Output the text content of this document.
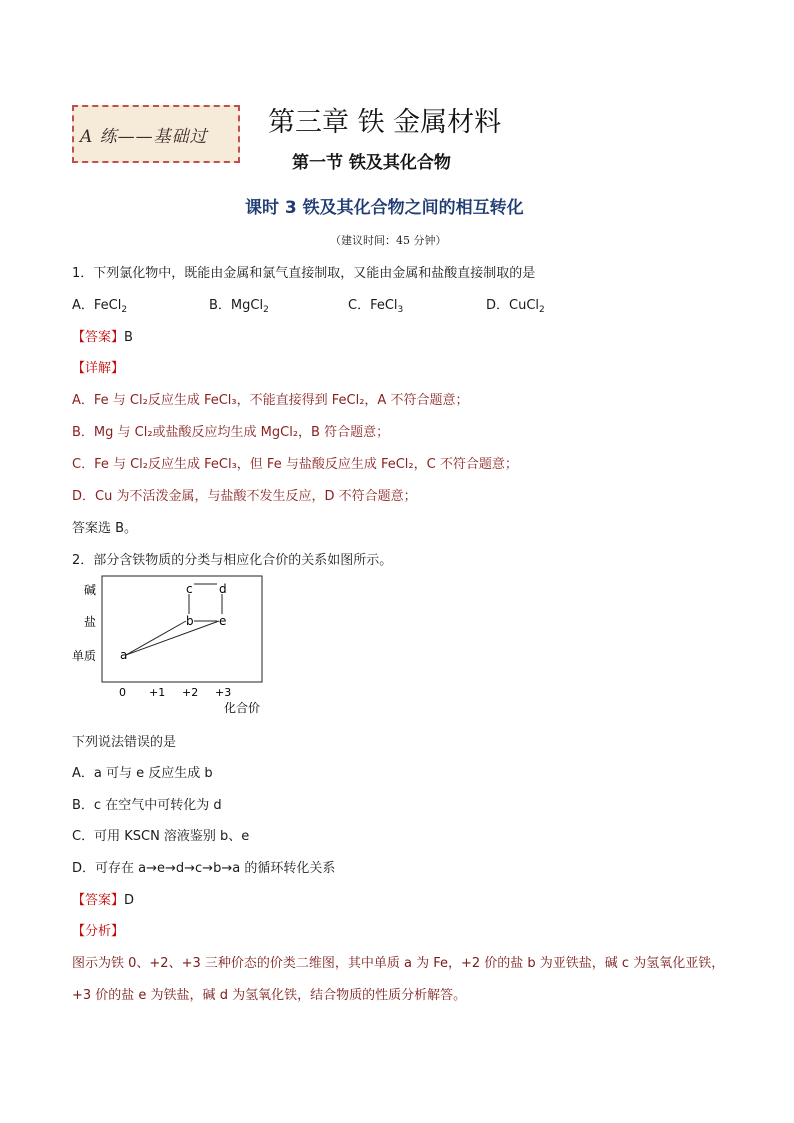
A 练——基础过 第三章 铁 金属材料
第一节 铁及其化合物
课时 3 铁及其化合物之间的相互转化
（建议时间：45 分钟）
1．下列氯化物中，既能由金属和氯气直接制取，又能由金属和盐酸直接制取的是
A．FeCl$_2$	B．MgCl$_2$	C．FeCl$_3$	D．CuCl$_2$
【答案】B
【详解】
A．Fe 与 Cl₂反应生成 FeCl₃，不能直接得到 FeCl₂，A 不符合题意；
B．Mg 与 Cl₂或盐酸反应均生成 MgCl₂，B 符合题意；
C．Fe 与 Cl₂反应生成 FeCl₃，但 Fe 与盐酸反应生成 FeCl₂，C 不符合题意；
D．Cu 为不活泼金属，与盐酸不发生反应，D 不符合题意；
答案选 B。
2．部分含铁物质的分类与相应化合价的关系如图所示。
碱
盐
单质
0 +1 +2 +3
化合价
a
b
c d
e
下列说法错误的是
A．a 可与 e 反应生成 b
B．c 在空气中可转化为 d
C．可用 KSCN 溶液鉴别 b、e
D．可存在 a→e→d→c→b→a 的循环转化关系
【答案】D
【分析】
图示为铁 0、+2、+3 三种价态的价类二维图，其中单质 a 为 Fe，+2 价的盐 b 为亚铁盐，碱 c 为氢氧化亚铁，
+3 价的盐 e 为铁盐，碱 d 为氢氧化铁，结合物质的性质分析解答。
